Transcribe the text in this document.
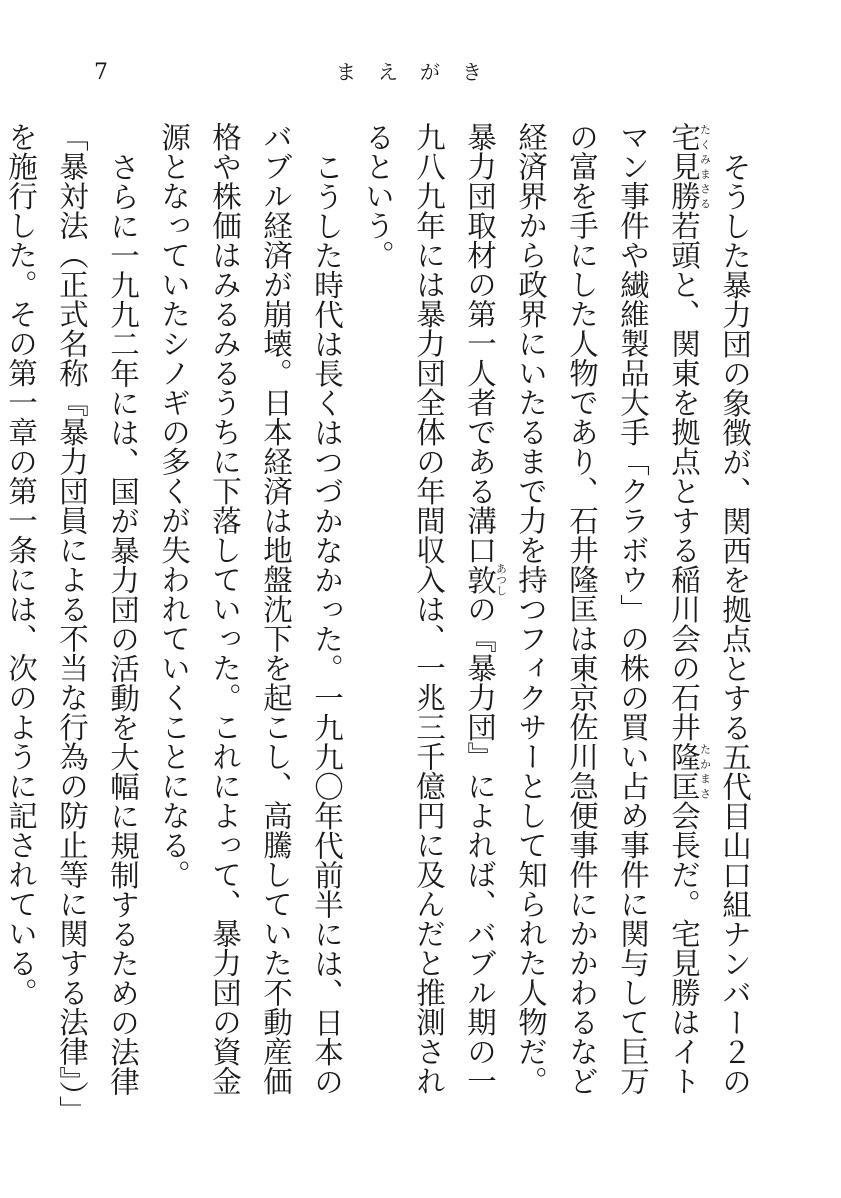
7	まえがき

そうした暴力団の象徴が、関西を拠点とする五代目山口組ナンバー２の宅見勝たくみまさる若頭と、関東を拠点とする稲川会の石井隆匡たかまさ会長だ。宅見勝はイトマン事件や繊維製品大手「クラボウ」の株の買い占め事件に関与して巨万の富を手にした人物であり、石井隆匡は東京佐川急便事件にかかわるなど経済界から政界にいたるまで力を持つフィクサーとして知られた人物だ。暴力団取材の第一人者である溝口敦あつしの『暴力団』によれば、バブル期の一九八九年には暴力団全体の年間収入は、一兆三千億円に及んだと推測されるという。

こうした時代は長くはつづかなかった。一九九〇年代前半には、日本のバブル経済が崩壊。日本経済は地盤沈下を起こし、高騰していた不動産価格や株価はみるみるうちに下落していった。これによって、暴力団の資金源となっていたシノギの多くが失われていくことになる。

さらに一九九二年には、国が暴力団の活動を大幅に規制するための法律「暴対法（正式名称『暴力団員による不当な行為の防止等に関する法律』）」を施行した。その第一章の第一条には、次のように記されている。
